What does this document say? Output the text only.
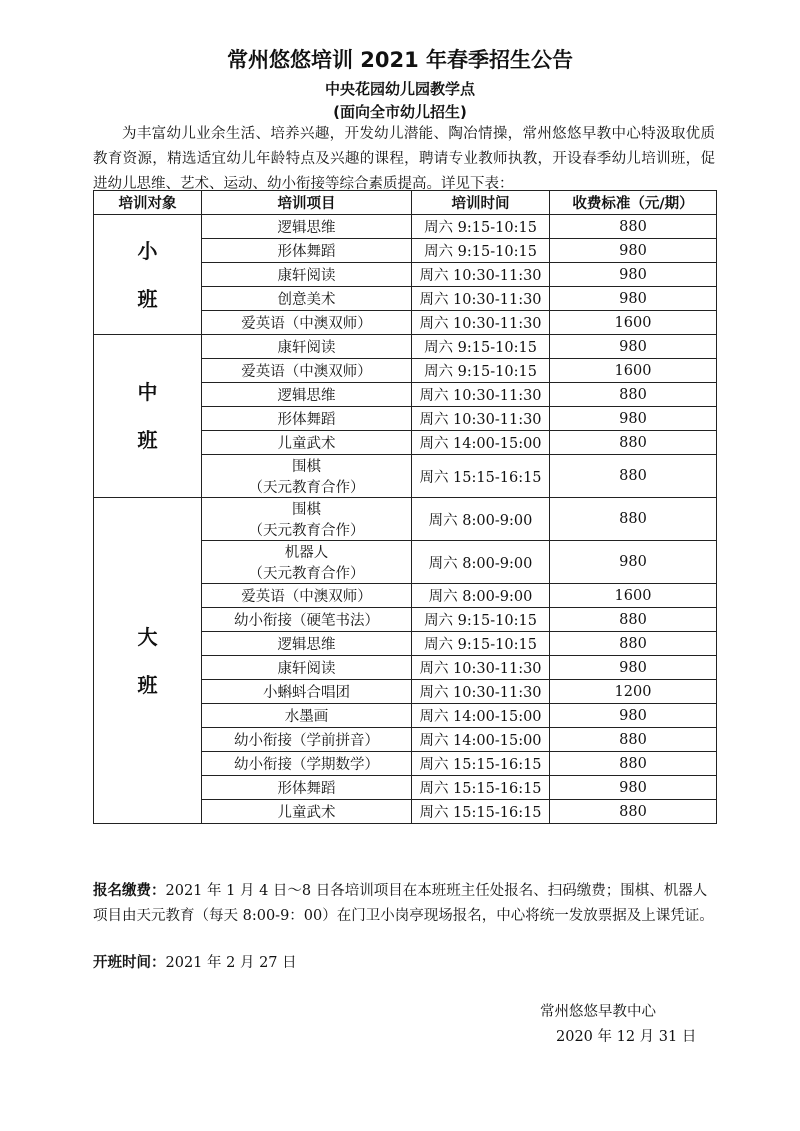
常州悠悠培训 2021 年春季招生公告
中央花园幼儿园教学点
(面向全市幼儿招生)

为丰富幼儿业余生活、培养兴趣，开发幼儿潜能、陶冶情操，常州悠悠早教中心特汲取优质教育资源，精选适宜幼儿年龄特点及兴趣的课程，聘请专业教师执教，开设春季幼儿培训班，促进幼儿思维、艺术、运动、幼小衔接等综合素质提高。详见下表：

培训对象	培训项目	培训时间	收费标准（元/期）

小
班	逻辑思维	周六 9:15-10:15	880
	形体舞蹈	周六 9:15-10:15	980
	康轩阅读	周六 10:30-11:30	980
	创意美术	周六 10:30-11:30	980
	爱英语（中澳双师）	周六 10:30-11:30	1600

中
班	康轩阅读	周六 9:15-10:15	980
	爱英语（中澳双师）	周六 9:15-10:15	1600
	逻辑思维	周六 10:30-11:30	880
	形体舞蹈	周六 10:30-11:30	980
	儿童武术	周六 14:00-15:00	880
	围棋
（天元教育合作）	周六 15:15-16:15	880

大
班	围棋
（天元教育合作）	周六 8:00-9:00	880
	机器人
（天元教育合作）	周六 8:00-9:00	980
	爱英语（中澳双师）	周六 8:00-9:00	1600
	幼小衔接（硬笔书法）	周六 9:15-10:15	880
	逻辑思维	周六 9:15-10:15	880
	康轩阅读	周六 10:30-11:30	980
	小蝌蚪合唱团	周六 10:30-11:30	1200
	水墨画	周六 14:00-15:00	980
	幼小衔接（学前拼音）	周六 14:00-15:00	880
	幼小衔接（学期数学）	周六 15:15-16:15	880
	形体舞蹈	周六 15:15-16:15	980
	儿童武术	周六 15:15-16:15	880

报名缴费：2021 年 1 月 4 日～8 日各培训项目在本班班主任处报名、扫码缴费；围棋、机器人项目由天元教育（每天 8:00-9：00）在门卫小岗亭现场报名，中心将统一发放票据及上课凭证。

开班时间：2021 年 2 月 27 日

常州悠悠早教中心
2020 年 12 月 31 日
